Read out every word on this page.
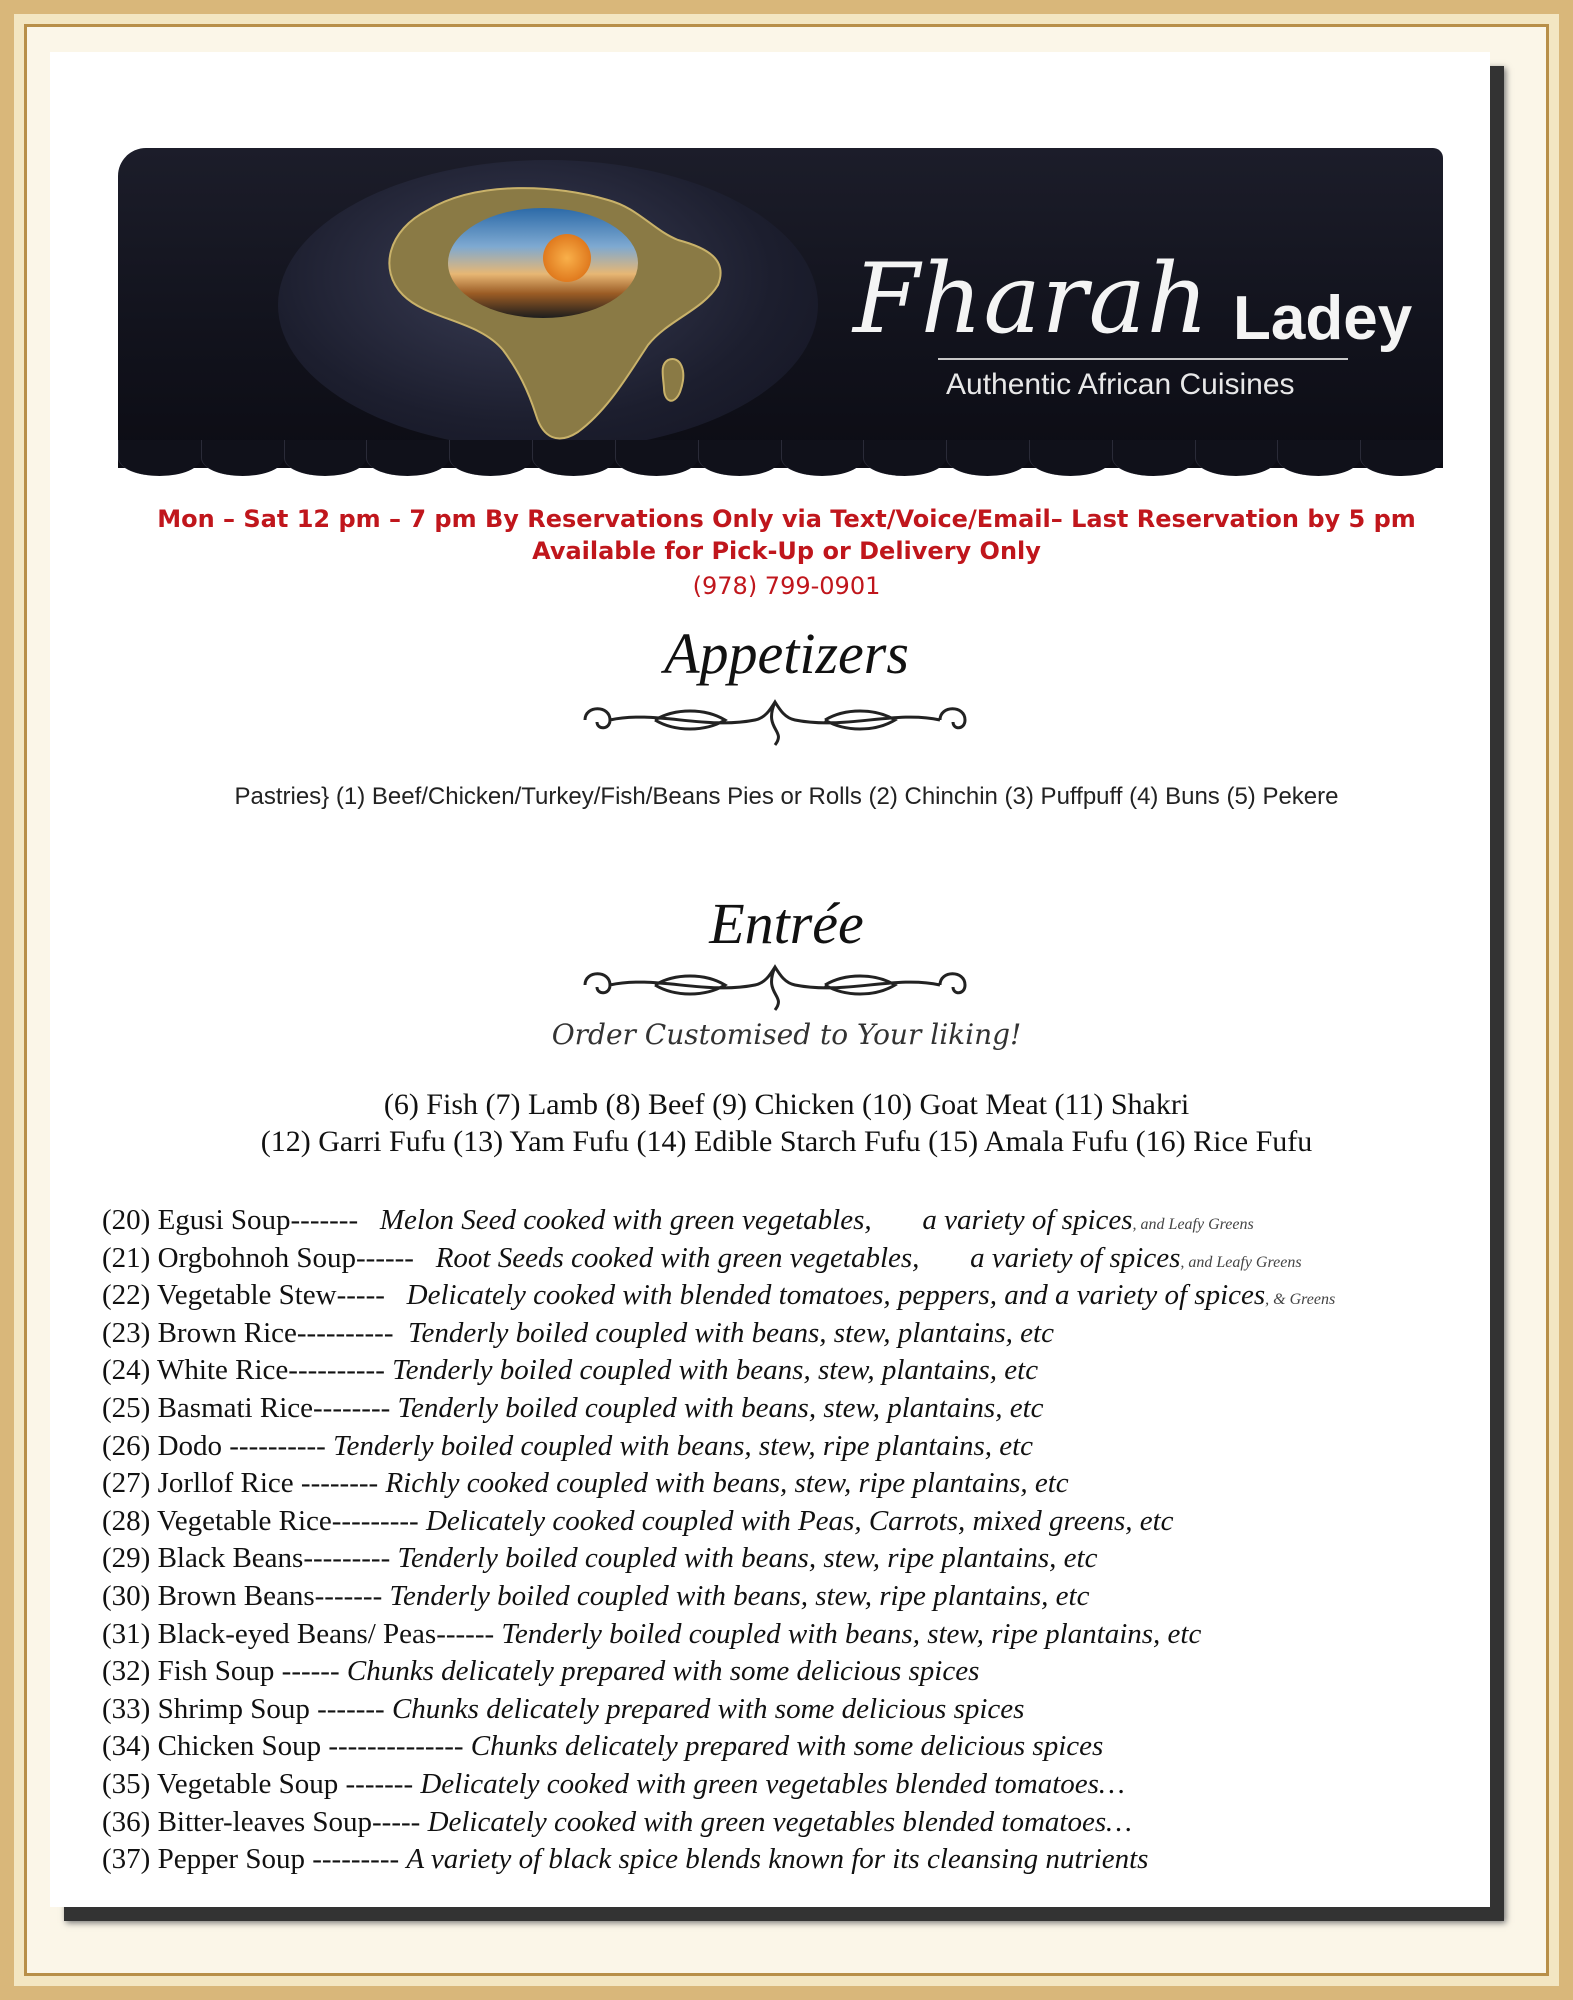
Fharah Ladey
Authentic African Cuisines
Mon – Sat 12 pm – 7 pm By Reservations Only via Text/Voice/Email– Last Reservation by 5 pm
Available for Pick-Up or Delivery Only
(978) 799-0901
Appetizers
Pastries} (1) Beef/Chicken/Turkey/Fish/Beans Pies or Rolls (2) Chinchin (3) Puffpuff (4) Buns (5) Pekere
Entrée
Order Customised to Your liking!
(6) Fish (7) Lamb (8) Beef (9) Chicken (10) Goat Meat (11) Shakri
(12) Garri Fufu (13) Yam Fufu (14) Edible Starch Fufu (15) Amala Fufu (16) Rice Fufu
(20) Egusi Soup-------   Melon Seed cooked with green vegetables,       a variety of spices, and Leafy Greens
(21) Orgbohnoh Soup------   Root Seeds cooked with green vegetables,       a variety of spices, and Leafy Greens
(22) Vegetable Stew-----   Delicately cooked with blended tomatoes, peppers, and a variety of spices, & Greens
(23) Brown Rice----------  Tenderly boiled coupled with beans, stew, plantains, etc
(24) White Rice---------- Tenderly boiled coupled with beans, stew, plantains, etc
(25) Basmati Rice-------- Tenderly boiled coupled with beans, stew, plantains, etc
(26) Dodo ---------- Tenderly boiled coupled with beans, stew, ripe plantains, etc
(27) Jorllof Rice -------- Richly cooked coupled with beans, stew, ripe plantains, etc
(28) Vegetable Rice--------- Delicately cooked coupled with Peas, Carrots, mixed greens, etc
(29) Black Beans--------- Tenderly boiled coupled with beans, stew, ripe plantains, etc
(30) Brown Beans------- Tenderly boiled coupled with beans, stew, ripe plantains, etc
(31) Black-eyed Beans/ Peas------ Tenderly boiled coupled with beans, stew, ripe plantains, etc
(32) Fish Soup ------ Chunks delicately prepared with some delicious spices
(33) Shrimp Soup ------- Chunks delicately prepared with some delicious spices
(34) Chicken Soup -------------- Chunks delicately prepared with some delicious spices
(35) Vegetable Soup ------- Delicately cooked with green vegetables blended tomatoes…
(36) Bitter-leaves Soup----- Delicately cooked with green vegetables blended tomatoes…
(37) Pepper Soup --------- A variety of black spice blends known for its cleansing nutrients
